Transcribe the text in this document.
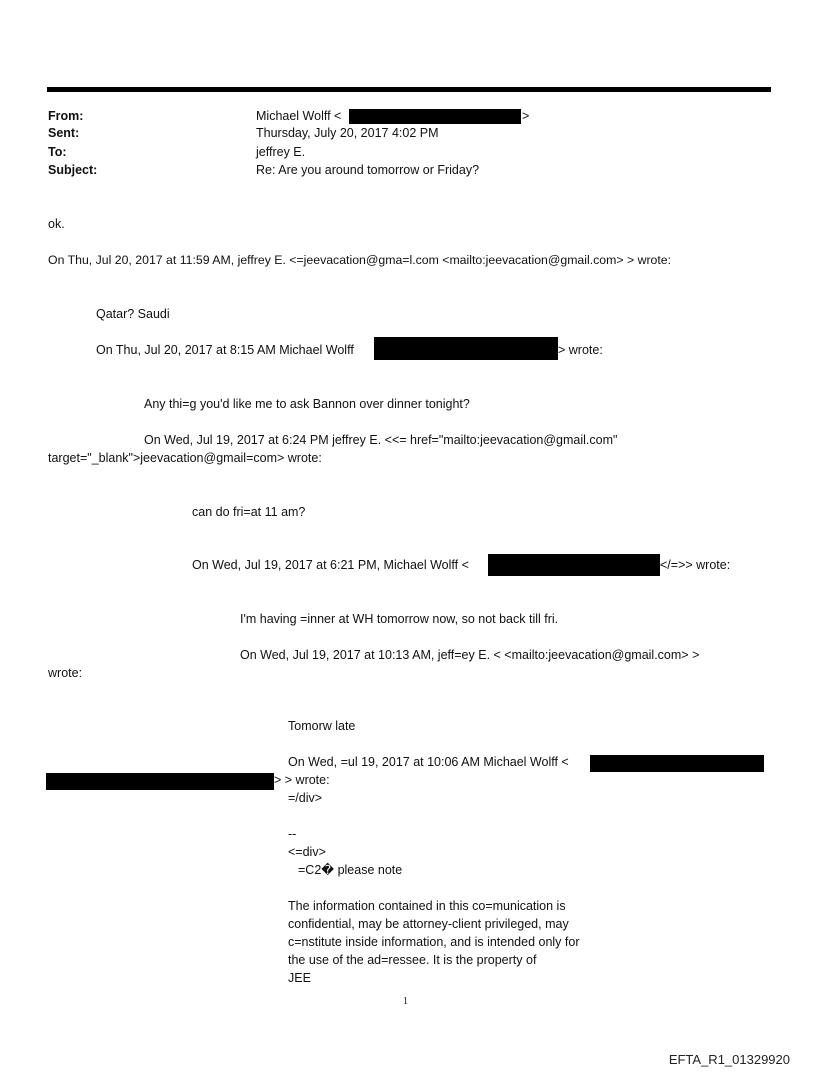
From:	Michael Wolff <	>
Sent:	Thursday, July 20, 2017 4:02 PM
To:	jeffrey E.
Subject:	Re: Are you around tomorrow or Friday?
ok.
On Thu, Jul 20, 2017 at 11:59 AM, jeffrey E. <=jeevacation@gma=l.com <mailto:jeevacation@gmail.com> > wrote:
Qatar? Saudi
On Thu, Jul 20, 2017 at 8:15 AM Michael Wolff	> wrote:
Any thi=g you'd like me to ask Bannon over dinner tonight?
On Wed, Jul 19, 2017 at 6:24 PM jeffrey E. <<= href="mailto:jeevacation@gmail.com"
target="_blank">jeevacation@gmail=com> wrote:
can do fri=at 11 am?
On Wed, Jul 19, 2017 at 6:21 PM, Michael Wolff <	</=>> wrote:
I'm having =inner at WH tomorrow now, so not back till fri.
On Wed, Jul 19, 2017 at 10:13 AM, jeff=ey E. < <mailto:jeevacation@gmail.com> >
wrote:
Tomorw late
On Wed, =ul 19, 2017 at 10:06 AM Michael Wolff <
> > wrote:
=/div>
--
<=div>
=C2� please note
The information contained in this co=munication is
confidential, may be attorney-client privileged, may
c=nstitute inside information, and is intended only for
the use of the ad=ressee. It is the property of
JEE
1
EFTA_R1_01329920
